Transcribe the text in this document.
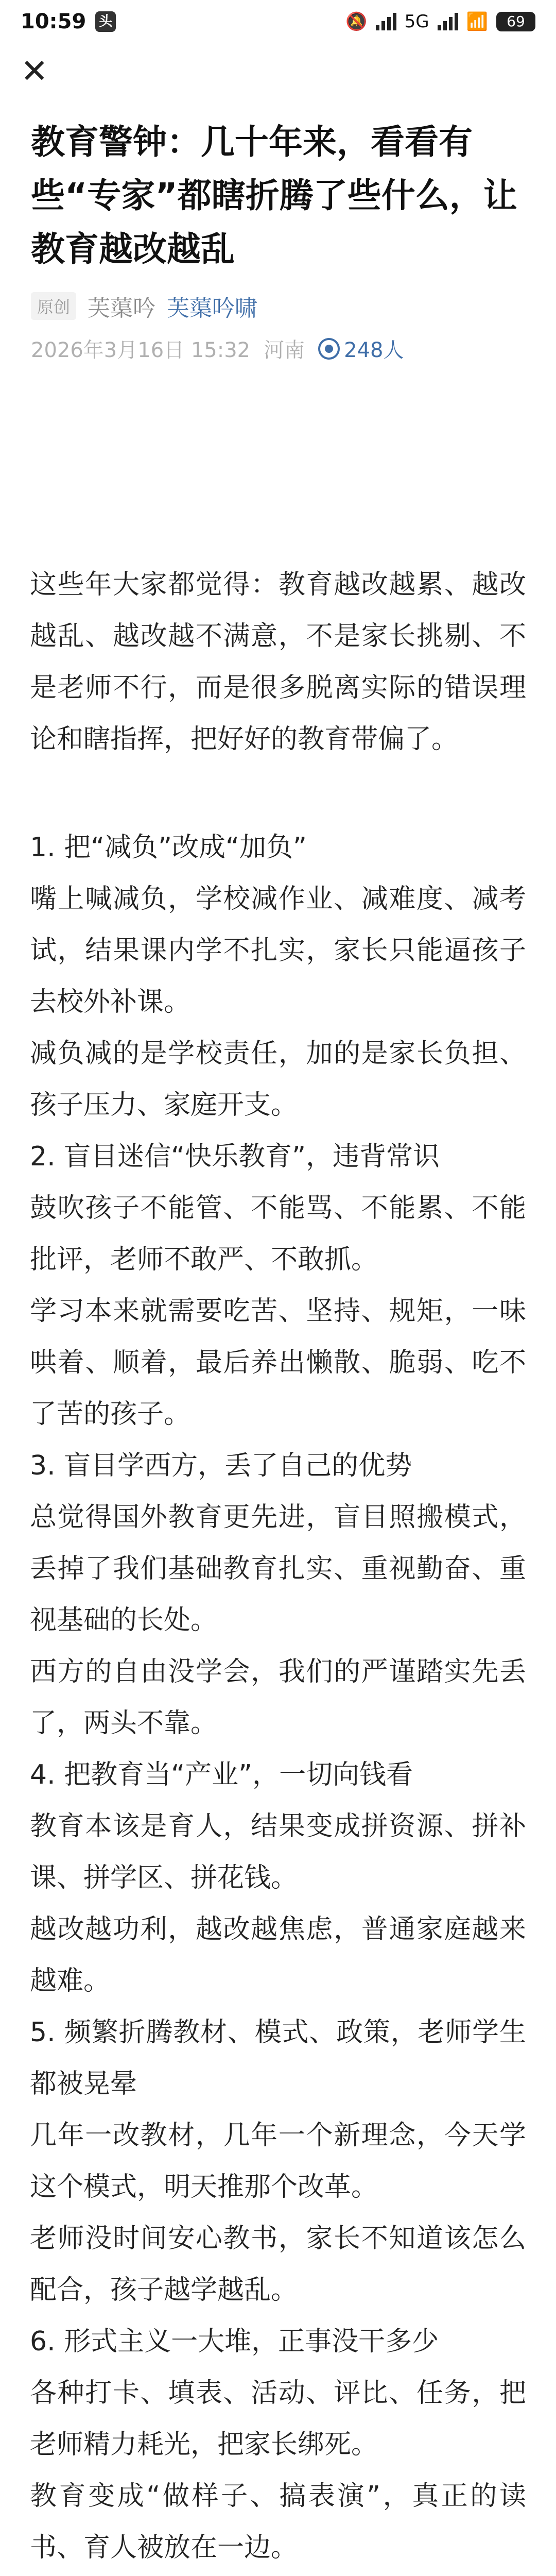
10:59 头	🔕 5G 📶	69
✕
教育警钟：几十年来，看看有些“专家”都瞎折腾了些什么，让教育越改越乱
原创 芙蕖吟 芙蕖吟啸
2026年3月16日 15:32 河南 248人

这些年大家都觉得：教育越改越累、越改越乱、越改越不满意，不是家长挑剔、不是老师不行，而是很多脱离实际的错误理论和瞎指挥，把好好的教育带偏了。

1. 把“减负”改成“加负”

嘴上喊减负，学校减作业、减难度、减考试，结果课内学不扎实，家长只能逼孩子去校外补课。

减负减的是学校责任，加的是家长负担、孩子压力、家庭开支。

2. 盲目迷信“快乐教育”，违背常识

鼓吹孩子不能管、不能骂、不能累、不能批评，老师不敢严、不敢抓。

学习本来就需要吃苦、坚持、规矩，一味哄着、顺着，最后养出懒散、脆弱、吃不了苦的孩子。

3. 盲目学西方，丢了自己的优势

总觉得国外教育更先进，盲目照搬模式，丢掉了我们基础教育扎实、重视勤奋、重视基础的长处。

西方的自由没学会，我们的严谨踏实先丢了，两头不靠。

4. 把教育当“产业”，一切向钱看

教育本该是育人，结果变成拼资源、拼补课、拼学区、拼花钱。

越改越功利，越改越焦虑，普通家庭越来越难。

5. 频繁折腾教材、模式、政策，老师学生都被晃晕

几年一改教材，几年一个新理念，今天学这个模式，明天推那个改革。

老师没时间安心教书，家长不知道该怎么配合，孩子越学越乱。

6. 形式主义一大堆，正事没干多少

各种打卡、填表、活动、评比、任务，把老师精力耗光，把家长绑死。

教育变成“做样子、搞表演”，真正的读书、育人被放在一边。
